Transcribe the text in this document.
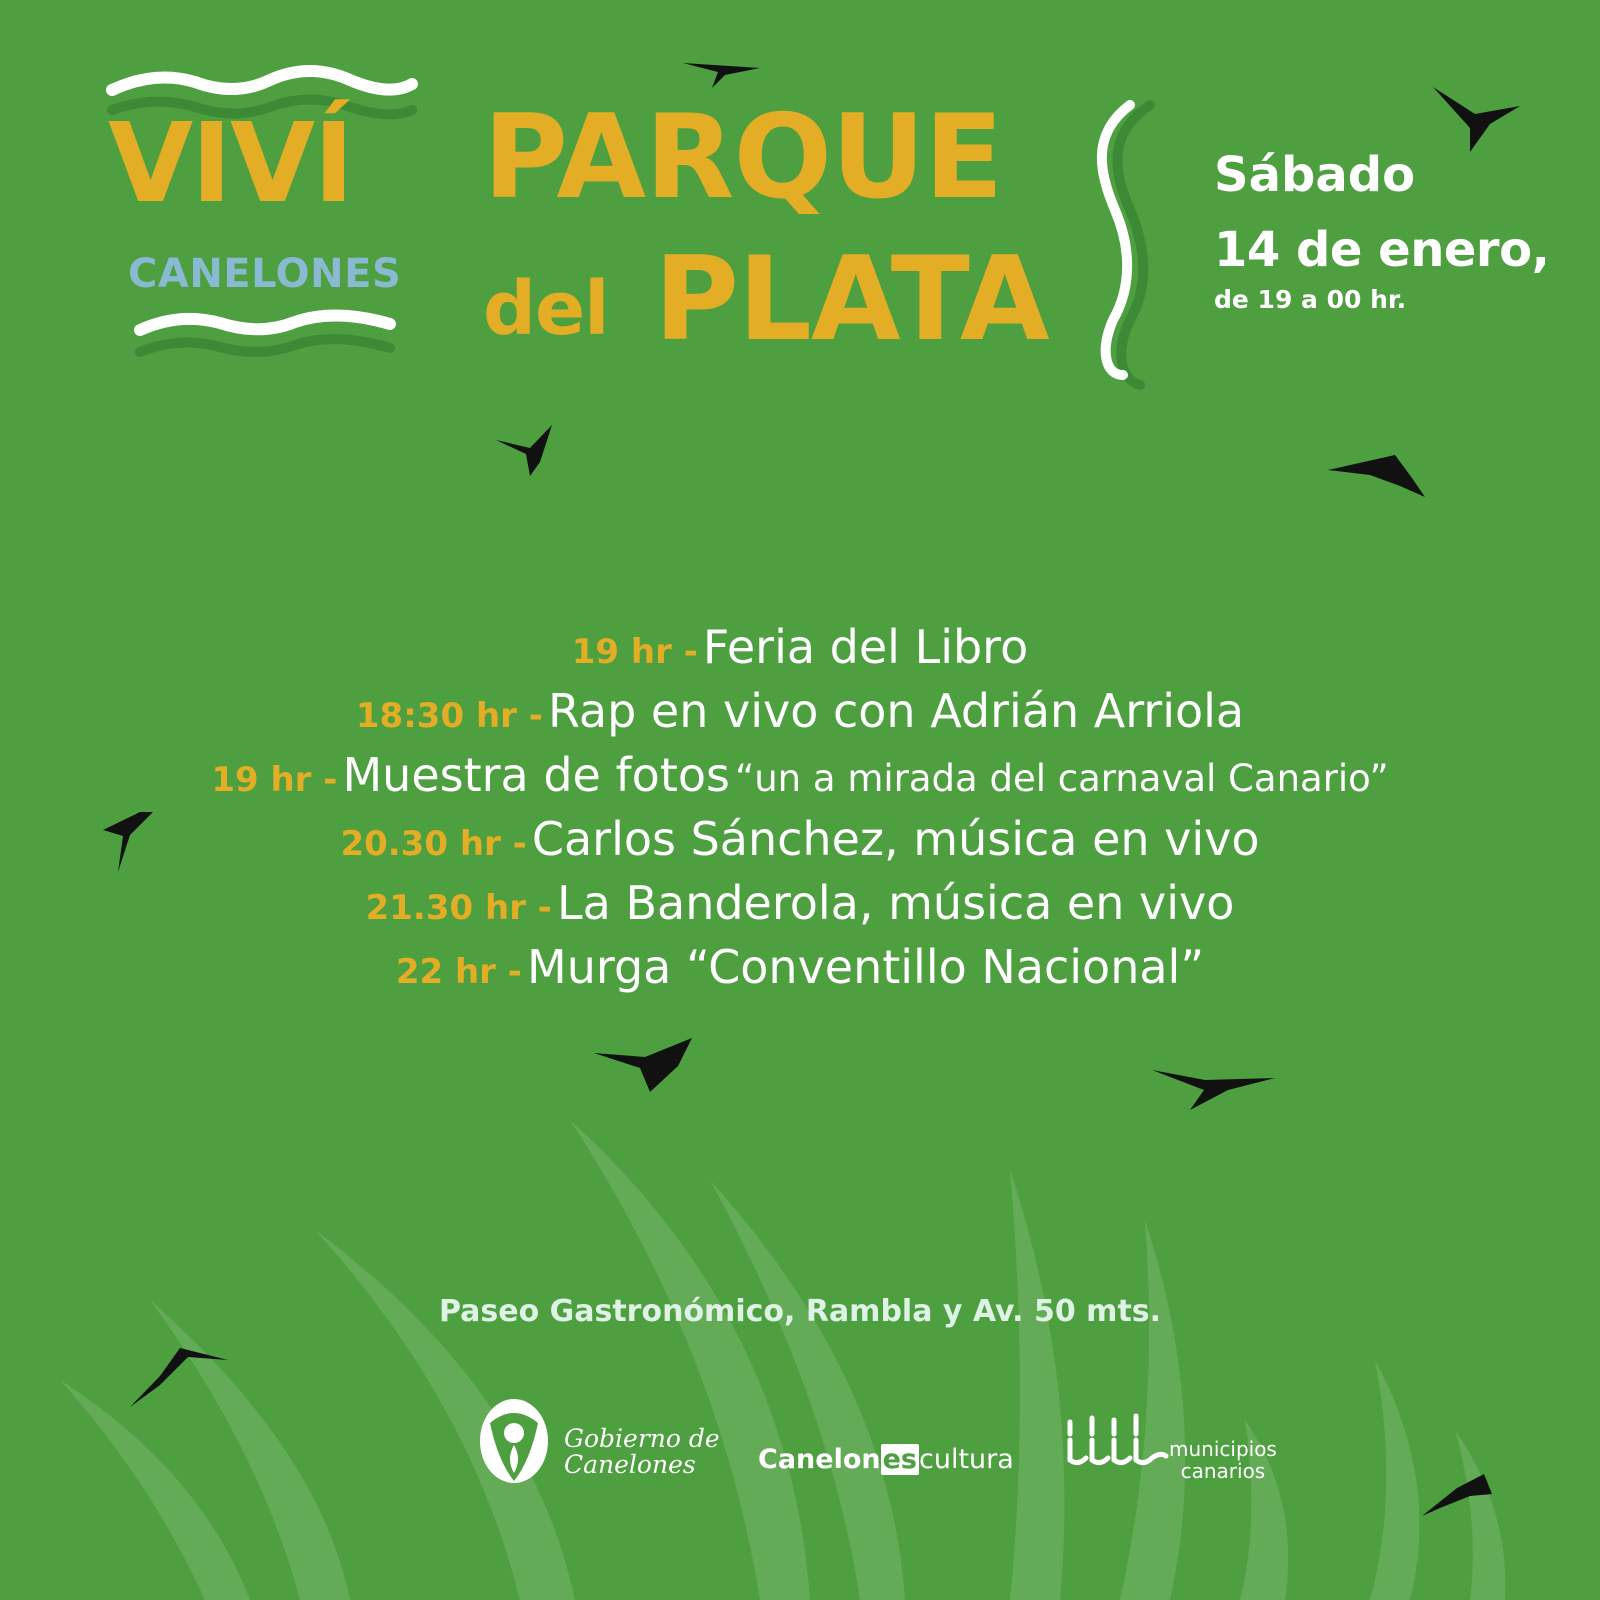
VIVÍ
CANELONES
PARQUE
del PLATA
Sábado
14 de enero,
de 19 a 00 hr.
19 hr -
Feria del Libro
18:30 hr -
Rap en vivo con Adrián Arriola
19 hr -
Muestra de fotos
“un a mirada del carnaval Canario”
20.30 hr -
Carlos Sánchez, música en vivo
21.30 hr -
La Banderola, música en vivo
22 hr -
Murga “Conventillo Nacional”
Paseo Gastronómico, Rambla y Av. 50 mts.
Gobierno de
Canelones	Canelonescultura	municipios
canarios
